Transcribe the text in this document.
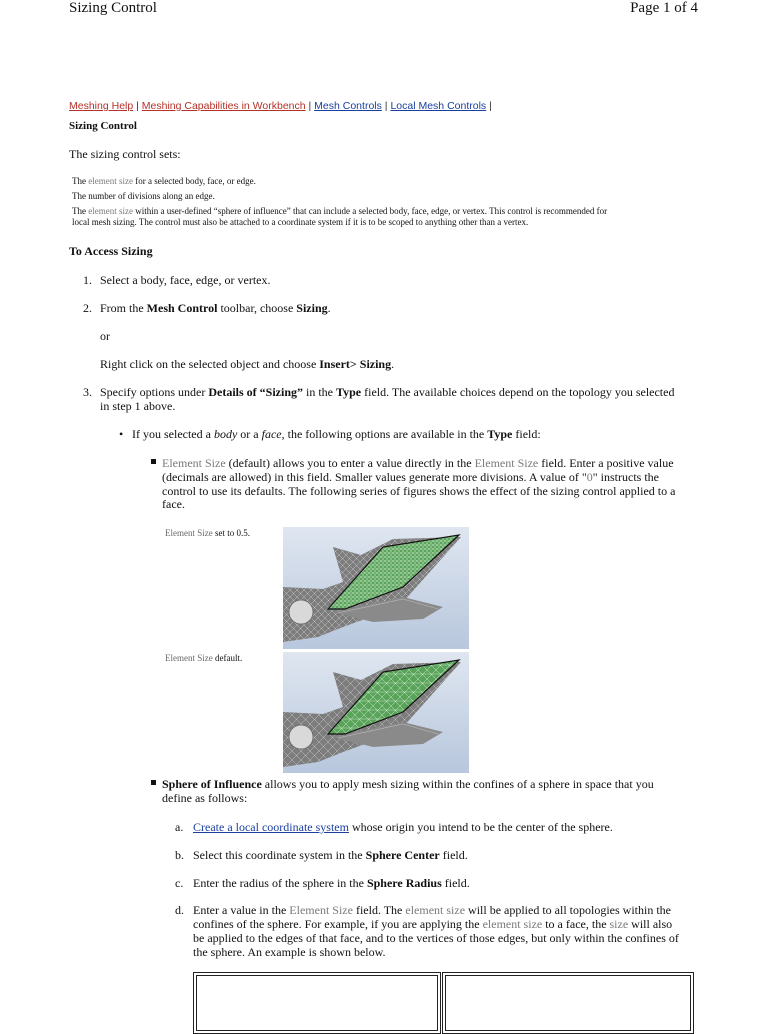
Sizing Control	Page 1 of 4
Meshing Help | Meshing Capabilities in Workbench | Mesh Controls | Local Mesh Controls |
Sizing Control
The sizing control sets:
The element size for a selected body, face, or edge.
The number of divisions along an edge.
The element size within a user-defined “sphere of influence” that can include a selected body, face, edge, or vertex. This control is recommended for
local mesh sizing. The control must also be attached to a coordinate system if it is to be scoped to anything other than a vertex.
To Access Sizing
1. Select a body, face, edge, or vertex.
2. From the Mesh Control toolbar, choose Sizing.
or
Right click on the selected object and choose Insert> Sizing.
3. Specify options under Details of “Sizing” in the Type field. The available choices depend on the topology you selected
in step 1 above.
• If you selected a body or a face, the following options are available in the Type field:
Element Size (default) allows you to enter a value directly in the Element Size field. Enter a positive value
(decimals are allowed) in this field. Smaller values generate more divisions. A value of "0" instructs the
control to use its defaults. The following series of figures shows the effect of the sizing control applied to a
face.
Element Size set to 0.5.
Element Size default.
Sphere of Influence allows you to apply mesh sizing within the confines of a sphere in space that you
define as follows:
a. Create a local coordinate system whose origin you intend to be the center of the sphere.
b. Select this coordinate system in the Sphere Center field.
c. Enter the radius of the sphere in the Sphere Radius field.
d. Enter a value in the Element Size field. The element size will be applied to all topologies within the
confines of the sphere. For example, if you are applying the element size to a face, the size will also
be applied to the edges of that face, and to the vertices of those edges, but only within the confines of
the sphere. An example is shown below.
